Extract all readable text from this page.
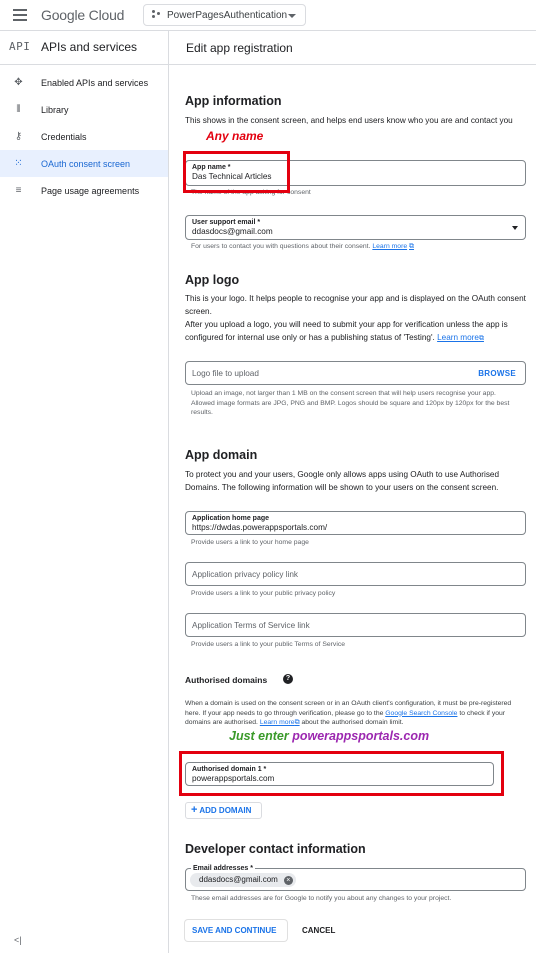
Google Cloud	PowerPagesAuthentication
API APIs and services
✥ Enabled APIs and services
⦀	Library
⚷ Credentials
⁙ OAuth consent screen
≡ Page usage agreements
<|
Edit app registration
App information
This shows in the consent screen, and helps end users know who you are and contact you
Any name
App name *
Das Technical Articles
The name of the app asking for consent
User support email *
ddasdocs@gmail.com
For users to contact you with questions about their consent. Learn more ⧉
App logo
This is your logo. It helps people to recognise your app and is displayed on the OAuth consent screen.
After you upload a logo, you will need to submit your app for verification unless the app is configured for internal use only or has a publishing status of 'Testing'. Learn more⧉
Logo file to upload	BROWSE
Upload an image, not larger than 1 MB on the consent screen that will help users recognise your app. Allowed image formats are JPG, PNG and BMP. Logos should be square and 120px by 120px for the best results.
App domain
To protect you and your users, Google only allows apps using OAuth to use Authorised Domains. The following information will be shown to your users on the consent screen.
Application home page
https://dwdas.powerappsportals.com/
Provide users a link to your home page
Application privacy policy link
Provide users a link to your public privacy policy
Application Terms of Service link
Provide users a link to your public Terms of Service
Authorised domains	?
When a domain is used on the consent screen or in an OAuth client's configuration, it must be pre-registered here. If your app needs to go through verification, please go to the Google Search Console to check if your domains are authorised. Learn more⧉ about the authorised domain limit.
Just enter powerappsportals.com
Authorised domain 1 *
powerappsportals.com
+ ADD DOMAIN
Developer contact information
Email addresses *
ddasdocs@gmail.com	×
These email addresses are for Google to notify you about any changes to your project.
SAVE AND CONTINUE	CANCEL
